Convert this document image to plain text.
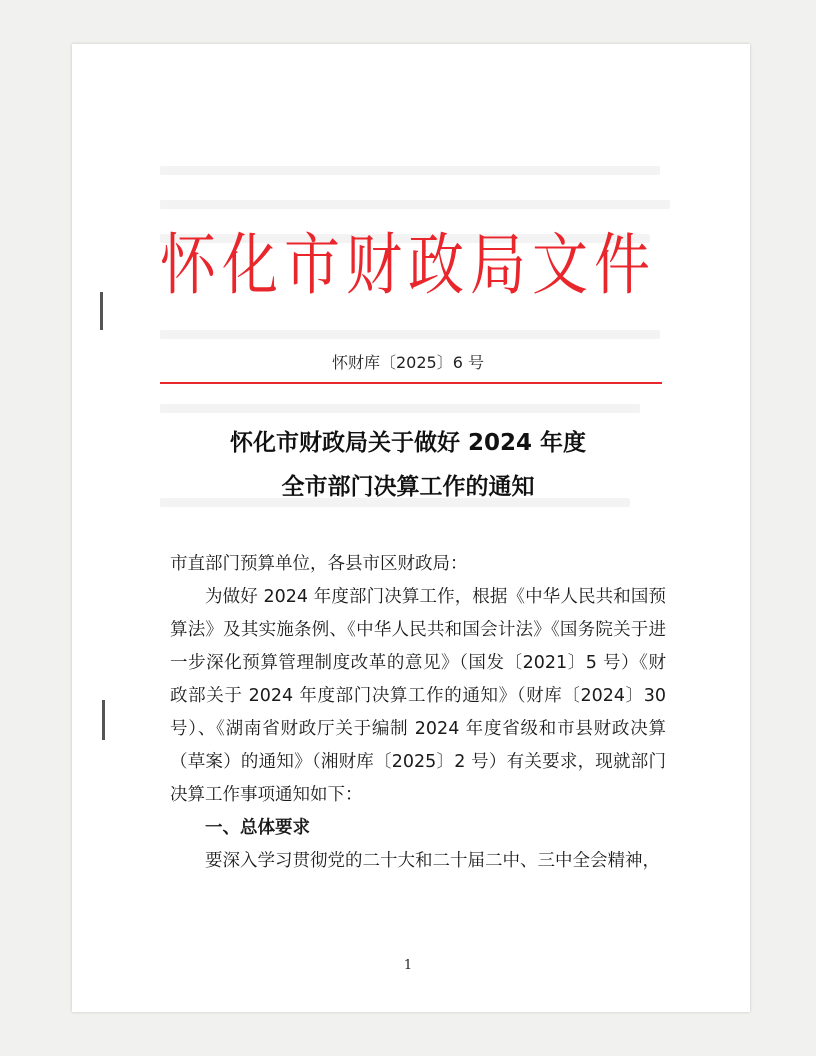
怀化市财政局文件
怀财库〔2025〕6 号
怀化市财政局关于做好 2024 年度
全市部门决算工作的通知

市直部门预算单位，各县市区财政局：

为做好 2024 年度部门决算工作，根据《中华人民共和国预算法》及其实施条例、《中华人民共和国会计法》《国务院关于进一步深化预算管理制度改革的意见》（国发〔2021〕5 号）《财政部关于 2024 年度部门决算工作的通知》（财库〔2024〕30 号）、《湖南省财政厅关于编制 2024 年度省级和市县财政决算（草案）的通知》（湘财库〔2025〕2 号）有关要求，现就部门决算工作事项通知如下：

一、总体要求

要深入学习贯彻党的二十大和二十届二中、三中全会精神，

1
